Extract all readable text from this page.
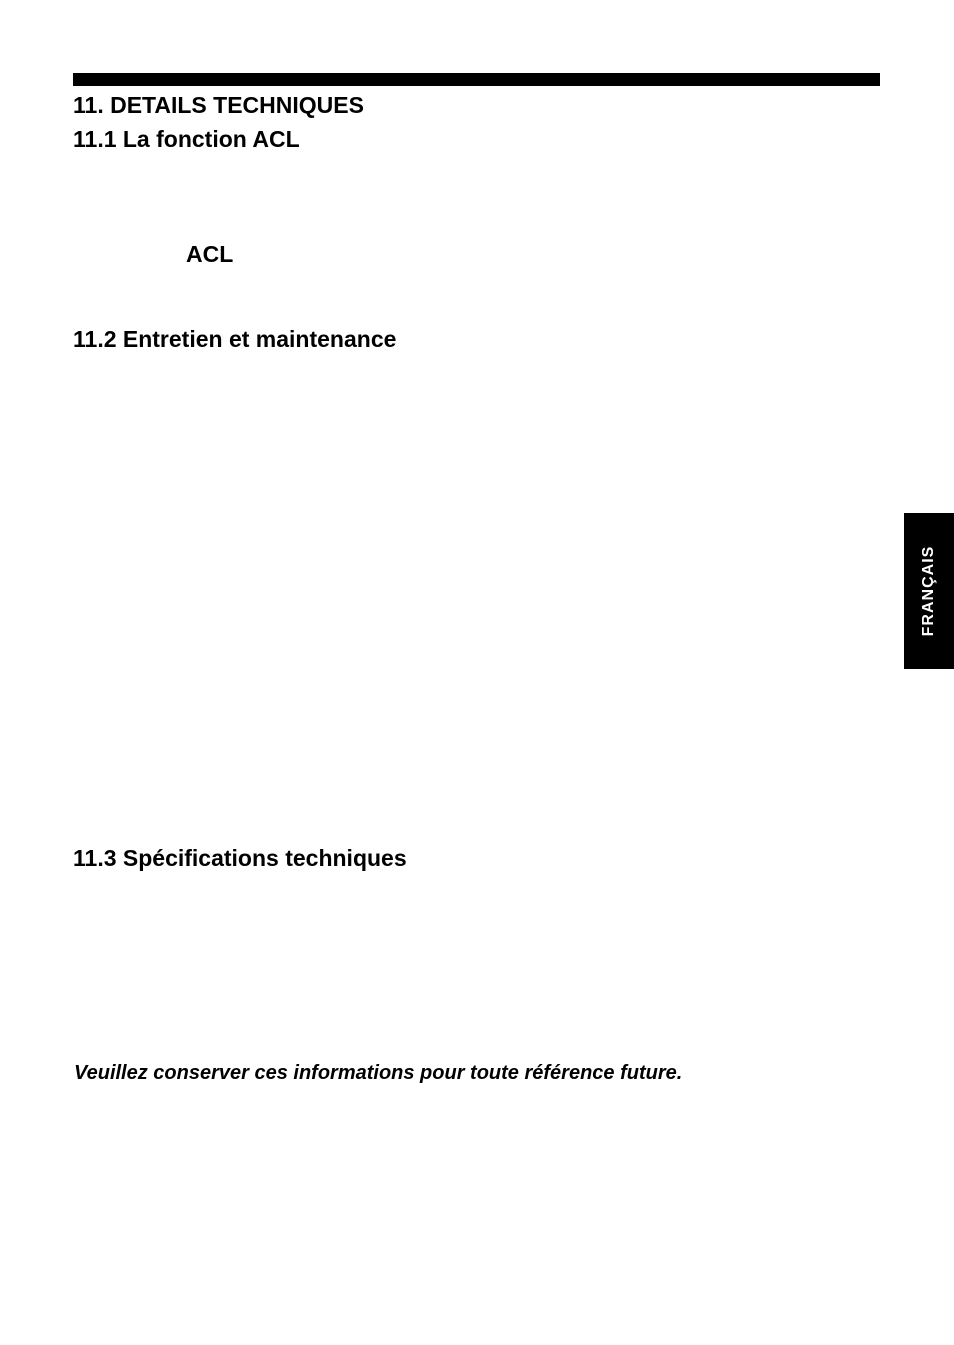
11. DETAILS TECHNIQUES
11.1 La fonction ACL
ACL
11.2 Entretien et maintenance
11.3 Spécifications techniques
Veuillez conserver ces informations pour toute référence future.
FRANÇAIS
